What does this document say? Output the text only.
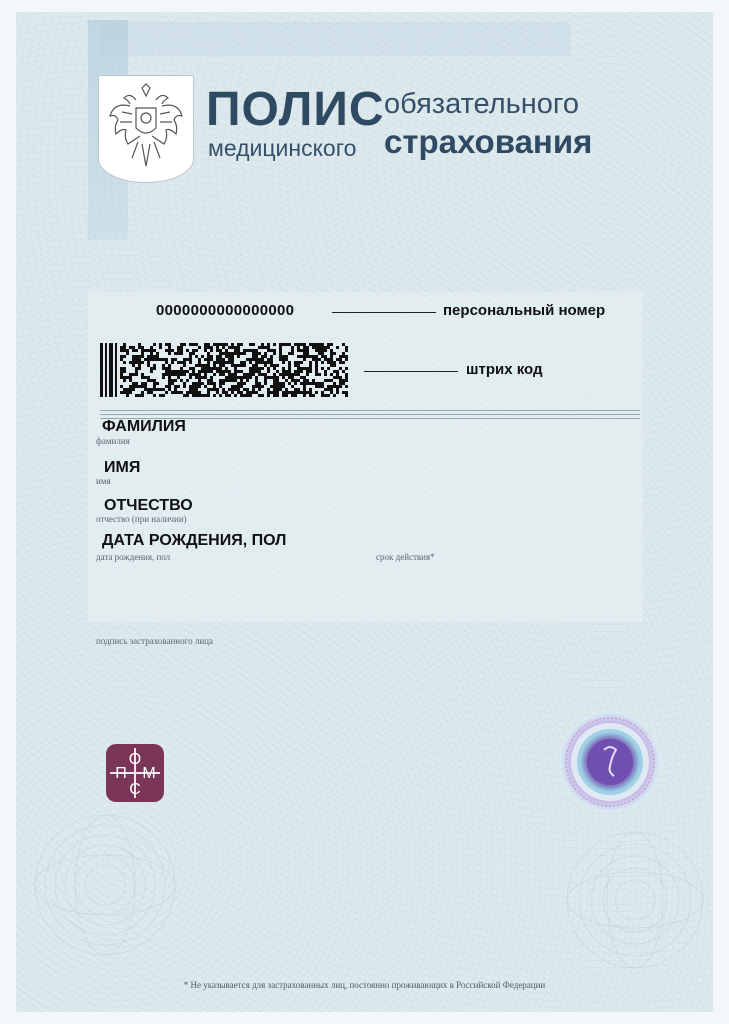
ПОЛИС
медицинского
обязательного
страхования
0000000000000000	персональный номер
штрих код
ФАМИЛИЯ
фамилия
ИМЯ
имя
ОТЧЕСТВО
отчество (при наличии)
ДАТА РОЖДЕНИЯ, ПОЛ
дата рождения, пол	срок действия*
подпись застрахованного лица
О
П М
С
* Не указывается для застрахованных лиц, постоянно проживающих в Российской Федерации
